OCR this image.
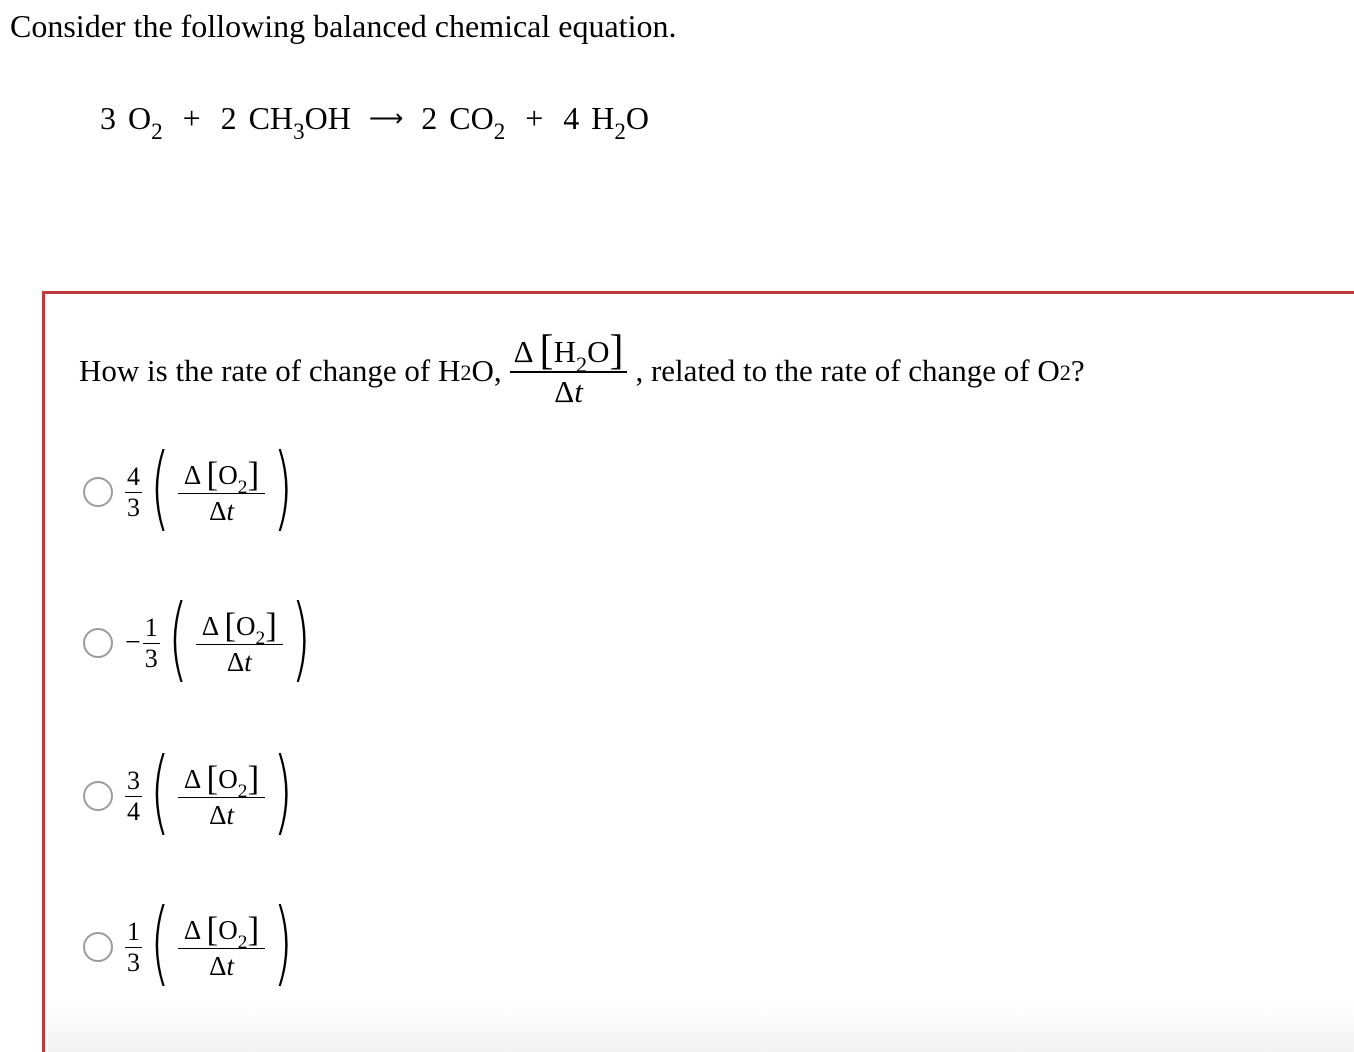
Consider the following balanced chemical equation.
3 $O_2 + 2$ $CH_3OH$ ⟶ 2 $CO_2 + 4$ $H_2O$
How is the rate of change of $H_2$ O, $\frac{\Delta [H_2O]}{\Delta t}$ , related to the rate of change of $O_2$ ?
4
3 ( Δ $[O_2]$
Δt )
− $\frac{1}{3}$ ( Δ $[O_2]$
Δt )
3
4 ( Δ $[O_2]$
Δt )
1
3 ( Δ $[O_2]$
Δt )
